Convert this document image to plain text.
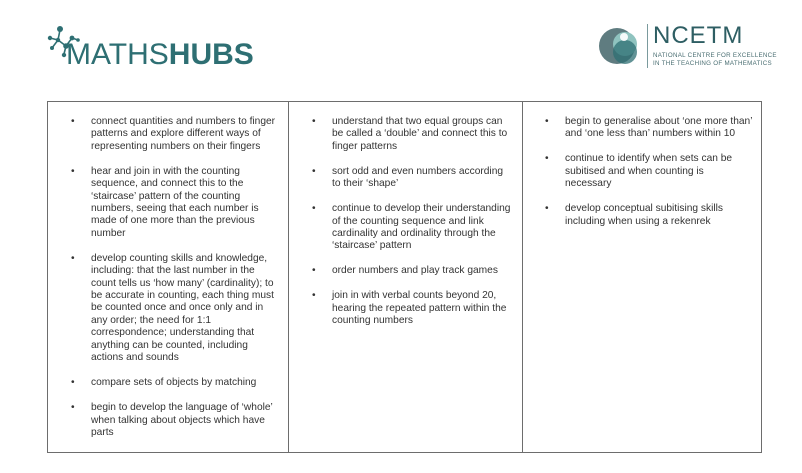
MATHSHUBS
NCETM
NATIONAL CENTRE FOR EXCELLENCE
IN THE TEACHING OF MATHEMATICS
• connect quantities and numbers to finger patterns and explore different ways of representing numbers on their fingers
• hear and join in with the counting sequence, and connect this to the ‘staircase’ pattern of the counting numbers, seeing that each number is made of one more than the previous number
• develop counting skills and knowledge, including: that the last number in the count tells us ‘how many’ (cardinality); to be accurate in counting, each thing must be counted once and once only and in any order; the need for 1:1 correspondence; understanding that anything can be counted, including actions and sounds
• compare sets of objects by matching
• begin to develop the language of ‘whole’ when talking about objects which have parts

• understand that two equal groups can be called a ‘double’ and connect this to finger patterns
• sort odd and even numbers according to their ‘shape’
• continue to develop their understanding of the counting sequence and link cardinality and ordinality through the ‘staircase’ pattern
• order numbers and play track games
• join in with verbal counts beyond 20, hearing the repeated pattern within the counting numbers

• begin to generalise about ‘one more than’ and ‘one less than’ numbers within 10
• continue to identify when sets can be subitised and when counting is necessary
• develop conceptual subitising skills including when using a rekenrek
